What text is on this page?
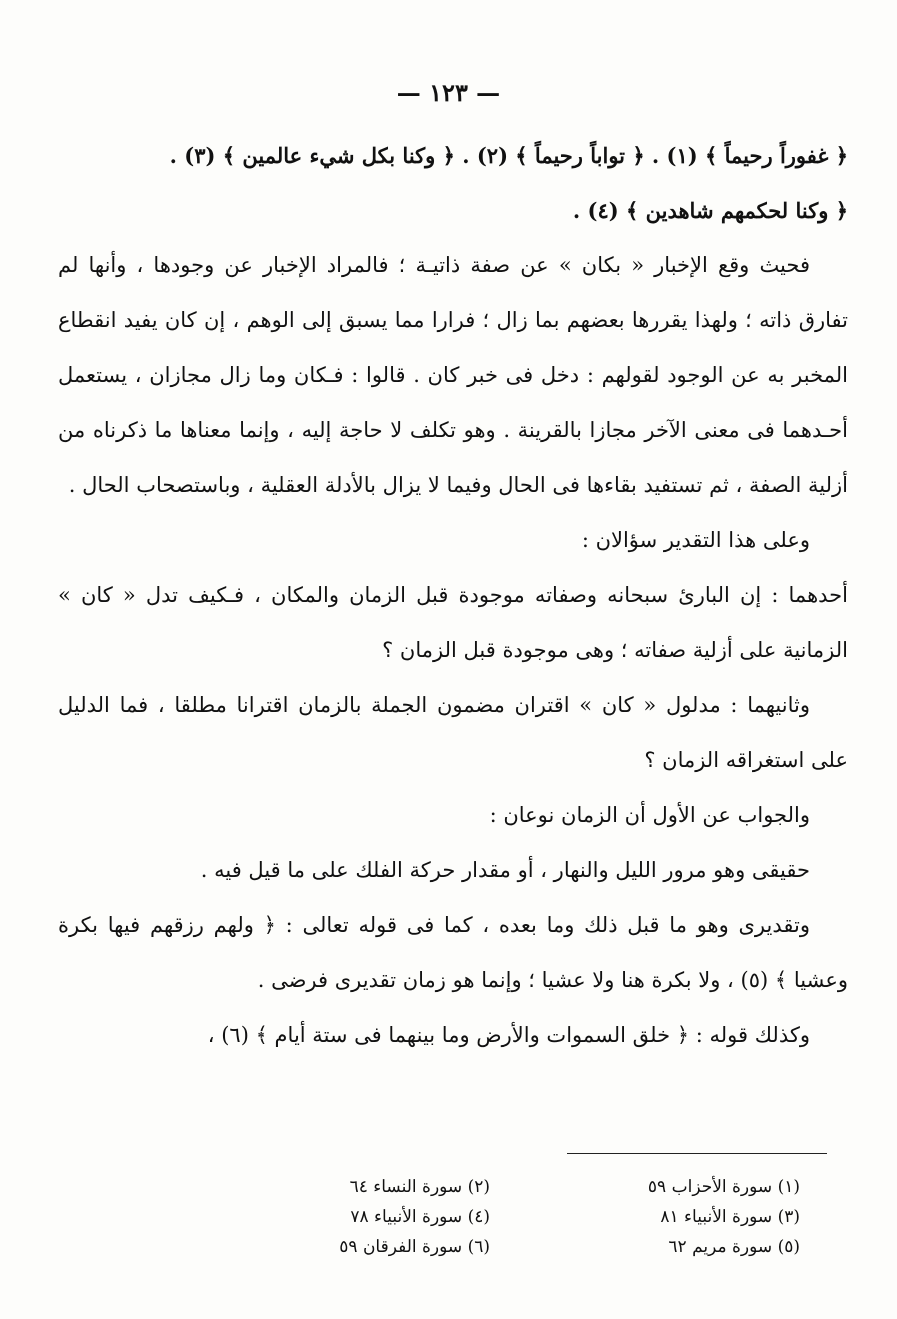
— ١٢٣ —

﴿ غفوراً رحيماً ﴾ (١) . ﴿ تواباً رحيماً ﴾ (٢) . ﴿ وكنا بكل شيء عالمين ﴾ (٣) .

﴿ وكنا لحكمهم شاهدين ﴾ (٤) .

فحيث وقع الإخبار « بكان » عن صفة ذاتيـة ؛ فالمراد الإخبار عن وجودها ، وأنها لم تفارق ذاته ؛ ولهذا يقررها بعضهم بما زال ؛ فرارا مما يسبق إلى الوهم ، إن كان يفيد انقطاع المخبر به عن الوجود لقولهم : دخل فى خبر كان . قالوا : فـكان وما زال مجازان ، يستعمل أحـدهما فى معنى الآخر مجازا بالقرينة . وهو تكلف لا حاجة إليه ، وإنما معناها ما ذكرناه من أزلية الصفة ، ثم تستفيد بقاءها فى الحال وفيما لا يزال بالأدلة العقلية ، وباستصحاب الحال .

وعلى هذا التقدير سؤالان :

أحدهما : إن البارئ سبحانه وصفاته موجودة قبل الزمان والمكان ، فـكيف تدل « كان » الزمانية على أزلية صفاته ؛ وهى موجودة قبل الزمان ؟

وثانيهما : مدلول « كان » اقتران مضمون الجملة بالزمان اقترانا مطلقا ، فما الدليل على استغراقه الزمان ؟

والجواب عن الأول أن الزمان نوعان :

حقيقى وهو مرور الليل والنهار ، أو مقدار حركة الفلك على ما قيل فيه .

وتقديرى وهو ما قبل ذلك وما بعده ، كما فى قوله تعالى : ﴿ ولهم رزقهم فيها بكرة وعشيا ﴾ (٥) ، ولا بكرة هنا ولا عشيا ؛ وإنما هو زمان تقديرى فرضى .

وكذلك قوله : ﴿ خلق السموات والأرض وما بينهما فى ستة أيام ﴾ (٦) ،

(١) سورة الأحزاب ٥٩
(٢) سورة النساء ٦٤
(٣) سورة الأنبياء ٨١
(٤) سورة الأنبياء ٧٨
(٥) سورة مريم ٦٢
(٦) سورة الفرقان ٥٩
